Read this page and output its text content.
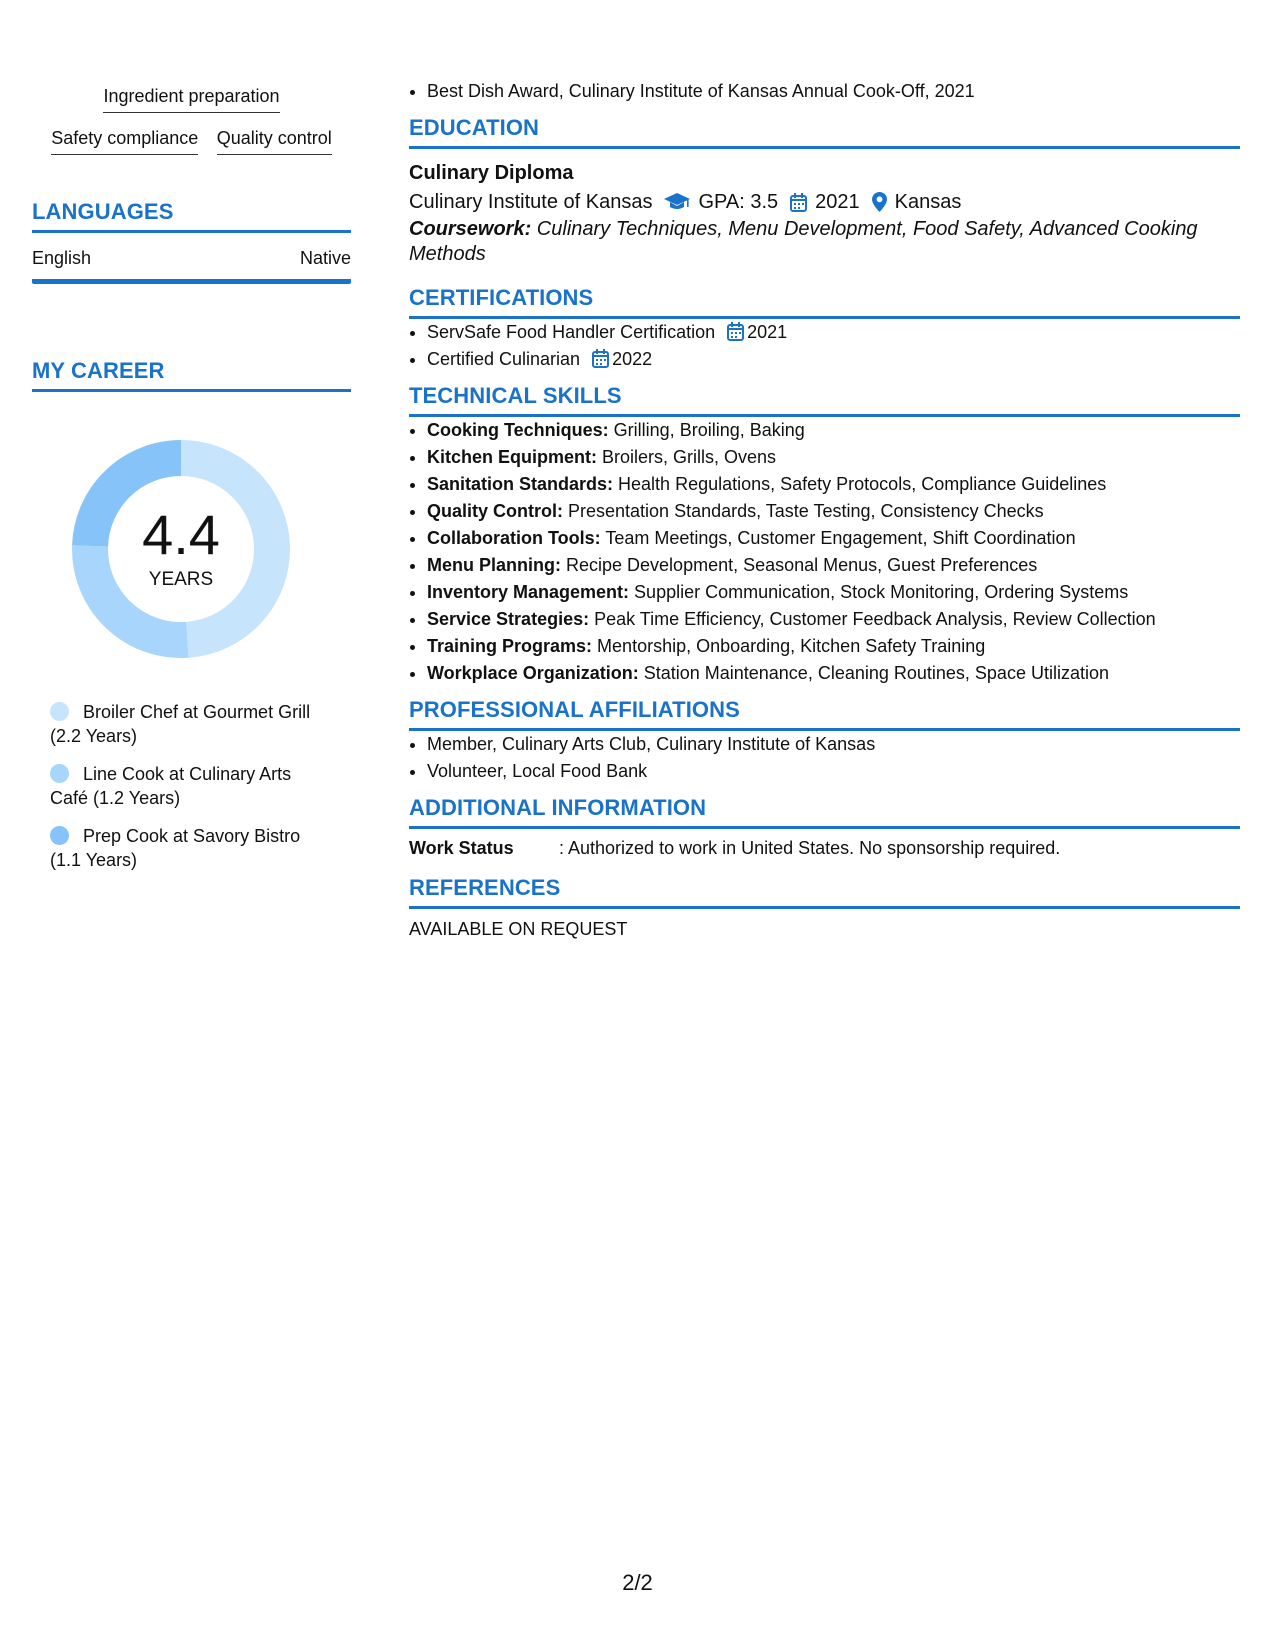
Ingredient preparation
Safety compliance Quality control
LANGUAGES
English	Native
MY CAREER
4.4
YEARS
Broiler Chef at Gourmet Grill (2.2 Years)
Line Cook at Culinary Arts Café (1.2 Years)
Prep Cook at Savory Bistro (1.1 Years)
• Best Dish Award, Culinary Institute of Kansas Annual Cook-Off, 2021
EDUCATION
Culinary Diploma
Culinary Institute of Kansas GPA: 3.5 2021 Kansas
Coursework: Culinary Techniques, Menu Development, Food Safety, Advanced Cooking Methods
CERTIFICATIONS
• ServSafe Food Handler Certification 2021
• Certified Culinarian 2022
TECHNICAL SKILLS
• Cooking Techniques: Grilling, Broiling, Baking
• Kitchen Equipment: Broilers, Grills, Ovens
• Sanitation Standards: Health Regulations, Safety Protocols, Compliance Guidelines
• Quality Control: Presentation Standards, Taste Testing, Consistency Checks
• Collaboration Tools: Team Meetings, Customer Engagement, Shift Coordination
• Menu Planning: Recipe Development, Seasonal Menus, Guest Preferences
• Inventory Management: Supplier Communication, Stock Monitoring, Ordering Systems
• Service Strategies: Peak Time Efficiency, Customer Feedback Analysis, Review Collection
• Training Programs: Mentorship, Onboarding, Kitchen Safety Training
• Workplace Organization: Station Maintenance, Cleaning Routines, Space Utilization
PROFESSIONAL AFFILIATIONS
• Member, Culinary Arts Club, Culinary Institute of Kansas
• Volunteer, Local Food Bank
ADDITIONAL INFORMATION
Work Status	: Authorized to work in United States. No sponsorship required.
REFERENCES
AVAILABLE ON REQUEST
2/2
